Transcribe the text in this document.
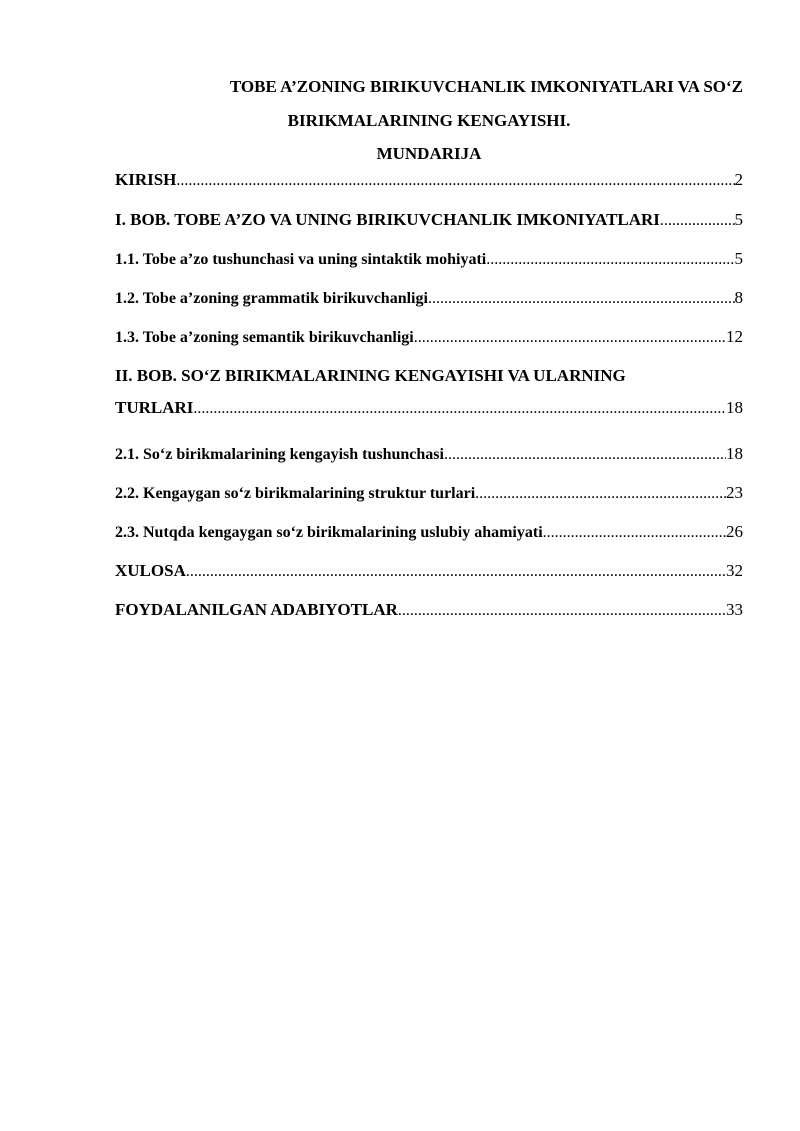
TOBE A’ZONING BIRIKUVCHANLIK IMKONIYATLARI VA SO‘Z
BIRIKMALARINING KENGAYISHI.
MUNDARIJA
KIRISH .....	2
I. BOB. TOBE A’ZO VA UNING BIRIKUVCHANLIK IMKONIYATLARI .....	5
1.1. Tobe a’zo tushunchasi va uning sintaktik mohiyati .....	5
1.2. Tobe a’zoning grammatik birikuvchanligi .....	8
1.3. Tobe a’zoning semantik birikuvchanligi .....	12
II. BOB. SO‘Z BIRIKMALARINING KENGAYISHI VA ULARNING
TURLARI .....	18
2.1. So‘z birikmalarining kengayish tushunchasi .....	18
2.2. Kengaygan so‘z birikmalarining struktur turlari .....	23
2.3. Nutqda kengaygan so‘z birikmalarining uslubiy ahamiyati .....	26
XULOSA .....	32
FOYDALANILGAN ADABIYOTLAR .....	33
